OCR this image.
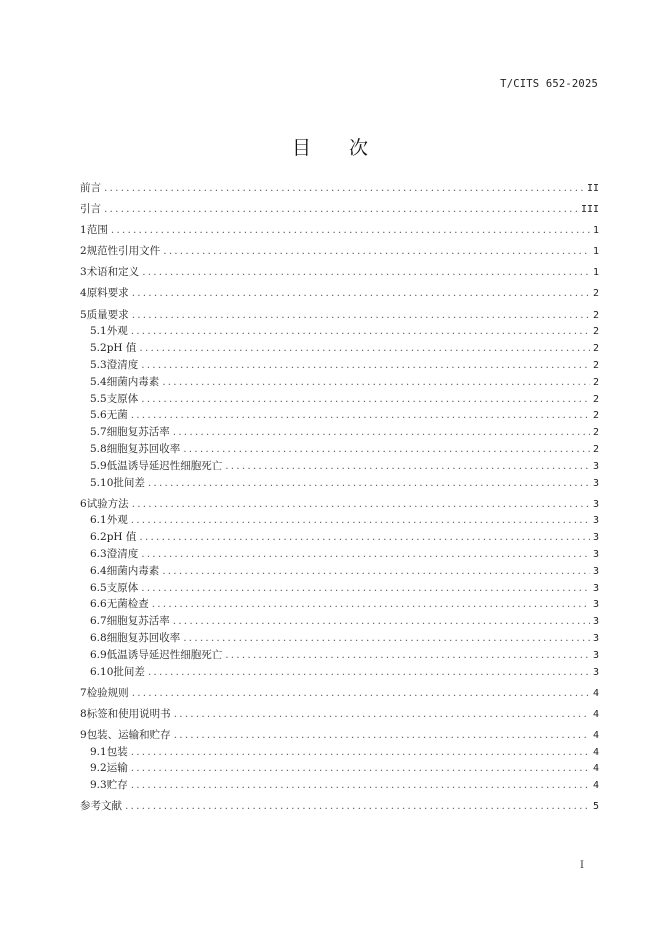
T/CITS 652-2025
目 次
前言 .....	II
引言 .....	III
1 范围 .....	1
2 规范性引用文件 .....	1
3 术语和定义 .....	1
4 原料要求 .....	2
5 质量要求 .....	2
5.1 外观 .....	2
5.2 pH 值 .....	2
5.3 澄清度 .....	2
5.4 细菌内毒素 .....	2
5.5 支原体 .....	2
5.6 无菌 .....	2
5.7 细胞复苏活率 .....	2
5.8 细胞复苏回收率 .....	2
5.9 低温诱导延迟性细胞死亡 .....	3
5.10 批间差 .....	3
6 试验方法 .....	3
6.1 外观 .....	3
6.2 pH 值 .....	3
6.3 澄清度 .....	3
6.4 细菌内毒素 .....	3
6.5 支原体 .....	3
6.6 无菌检查 .....	3
6.7 细胞复苏活率 .....	3
6.8 细胞复苏回收率 .....	3
6.9 低温诱导延迟性细胞死亡 .....	3
6.10 批间差 .....	3
7 检验规则 .....	4
8 标签和使用说明书 .....	4
9 包装、运输和贮存 .....	4
9.1 包装 .....	4
9.2 运输 .....	4
9.3 贮存 .....	4
参考文献 .....	5
I
